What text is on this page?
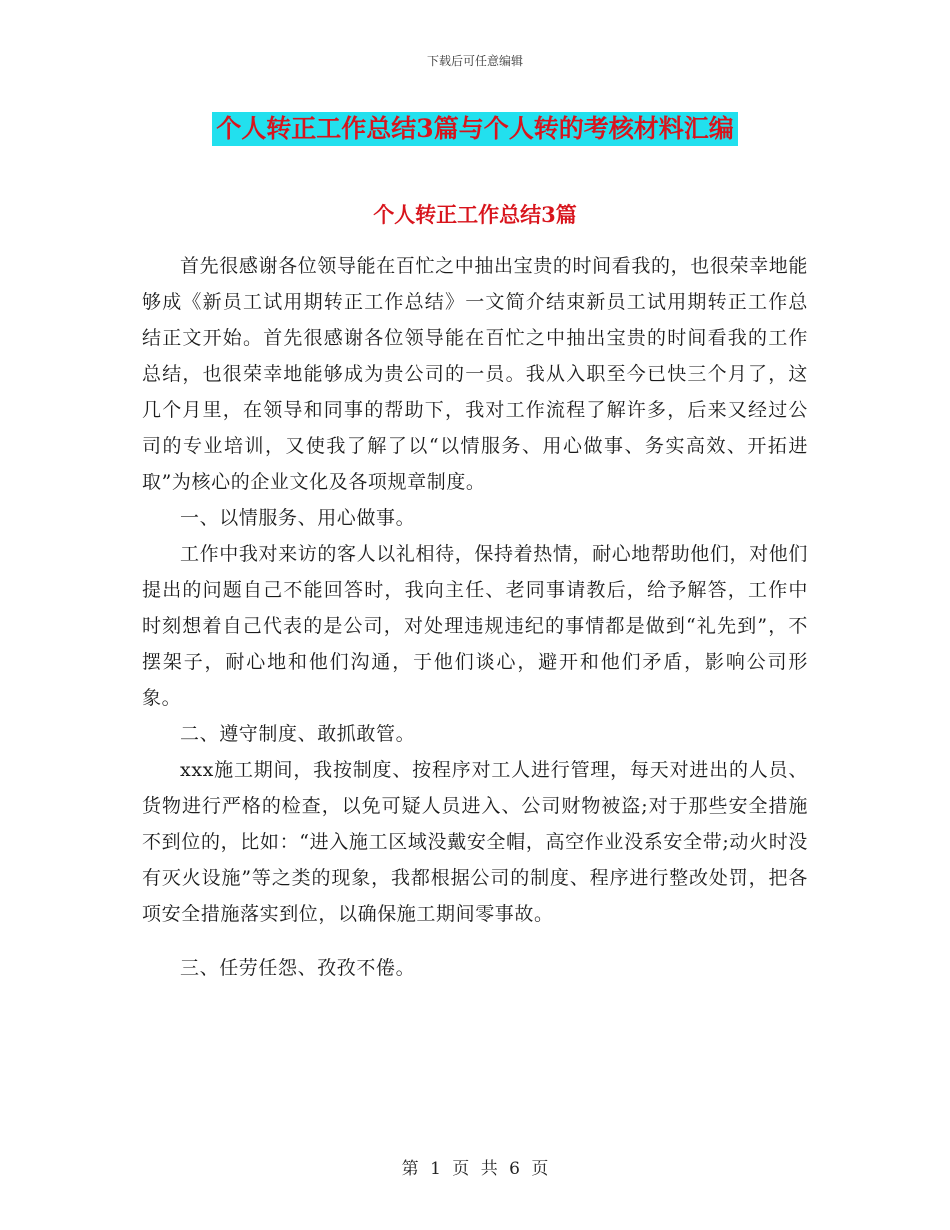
下载后可任意编辑
个人转正工作总结3篇与个人转的考核材料汇编
个人转正工作总结3篇

首先很感谢各位领导能在百忙之中抽出宝贵的时间看我的，也很荣幸地能够成《新员工试用期转正工作总结》一文简介结束新员工试用期转正工作总结正文开始。首先很感谢各位领导能在百忙之中抽出宝贵的时间看我的工作总结，也很荣幸地能够成为贵公司的一员。我从入职至今已快三个月了，这几个月里，在领导和同事的帮助下，我对工作流程了解许多，后来又经过公司的专业培训，又使我了解了以“以情服务、用心做事、务实高效、开拓进取”为核心的企业文化及各项规章制度。

一、以情服务、用心做事。

工作中我对来访的客人以礼相待，保持着热情，耐心地帮助他们，对他们提出的问题自己不能回答时，我向主任、老同事请教后，给予解答，工作中时刻想着自己代表的是公司，对处理违规违纪的事情都是做到“礼先到”，不摆架子，耐心地和他们沟通，于他们谈心，避开和他们矛盾，影响公司形象。

二、遵守制度、敢抓敢管。

xxx施工期间，我按制度、按程序对工人进行管理，每天对进出的人员、货物进行严格的检查，以免可疑人员进入、公司财物被盗;对于那些安全措施不到位的，比如：“进入施工区域没戴安全帽，高空作业没系安全带;动火时没有灭火设施”等之类的现象，我都根据公司的制度、程序进行整改处罚，把各项安全措施落实到位，以确保施工期间零事故。

三、任劳任怨、孜孜不倦。

第 1 页 共 6 页
